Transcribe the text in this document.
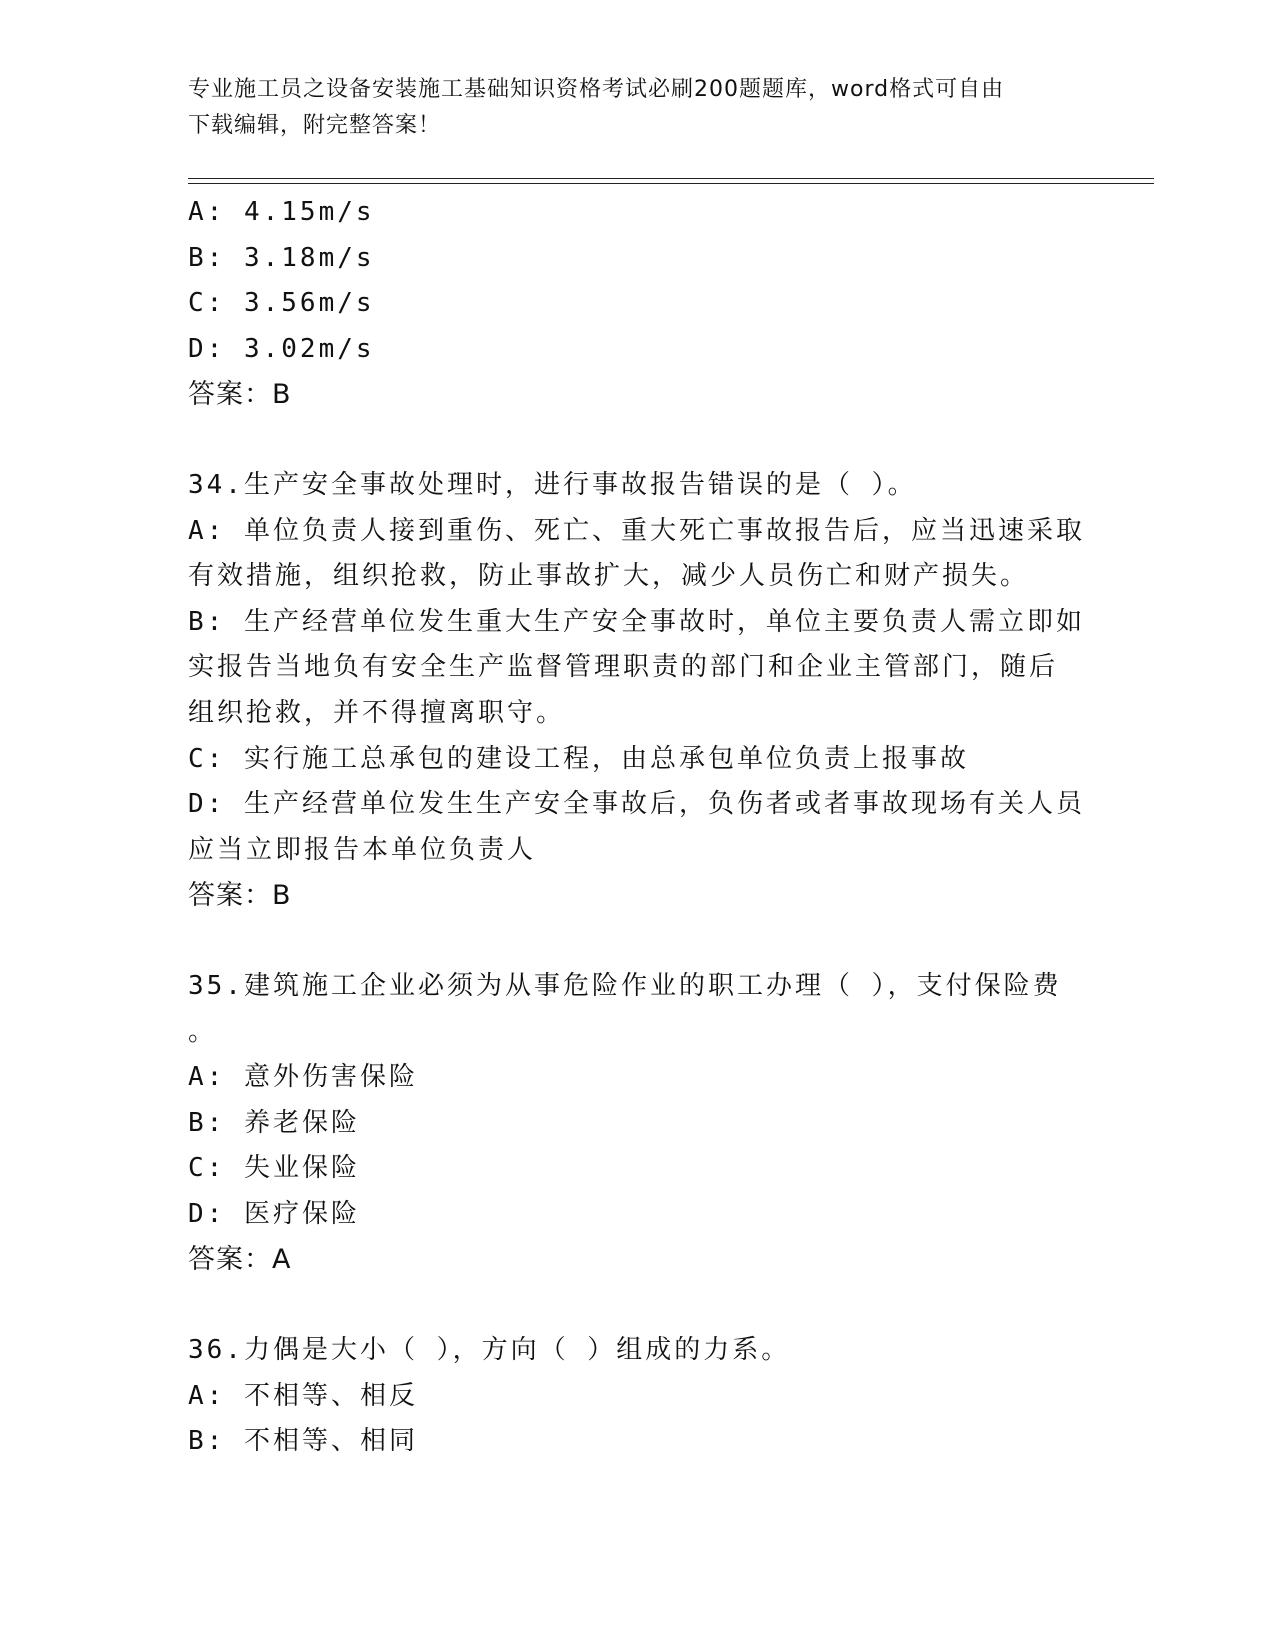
专业施工员之设备安装施工基础知识资格考试必刷200题题库，word格式可自由
下载编辑，附完整答案！
A: 4.15m/s
B: 3.18m/s
C: 3.56m/s
D: 3.02m/s
答案：B
34.生产安全事故处理时，进行事故报告错误的是（ ）。
A: 单位负责人接到重伤、死亡、重大死亡事故报告后，应当迅速采取
有效措施，组织抢救，防止事故扩大，减少人员伤亡和财产损失。
B: 生产经营单位发生重大生产安全事故时，单位主要负责人需立即如
实报告当地负有安全生产监督管理职责的部门和企业主管部门，随后
组织抢救，并不得擅离职守。
C: 实行施工总承包的建设工程，由总承包单位负责上报事故
D: 生产经营单位发生生产安全事故后，负伤者或者事故现场有关人员
应当立即报告本单位负责人
答案：B
35.建筑施工企业必须为从事危险作业的职工办理（ ），支付保险费
。
A: 意外伤害保险
B: 养老保险
C: 失业保险
D: 医疗保险
答案：A
36.力偶是大小（ ），方向（ ）组成的力系。
A: 不相等、相反
B: 不相等、相同
